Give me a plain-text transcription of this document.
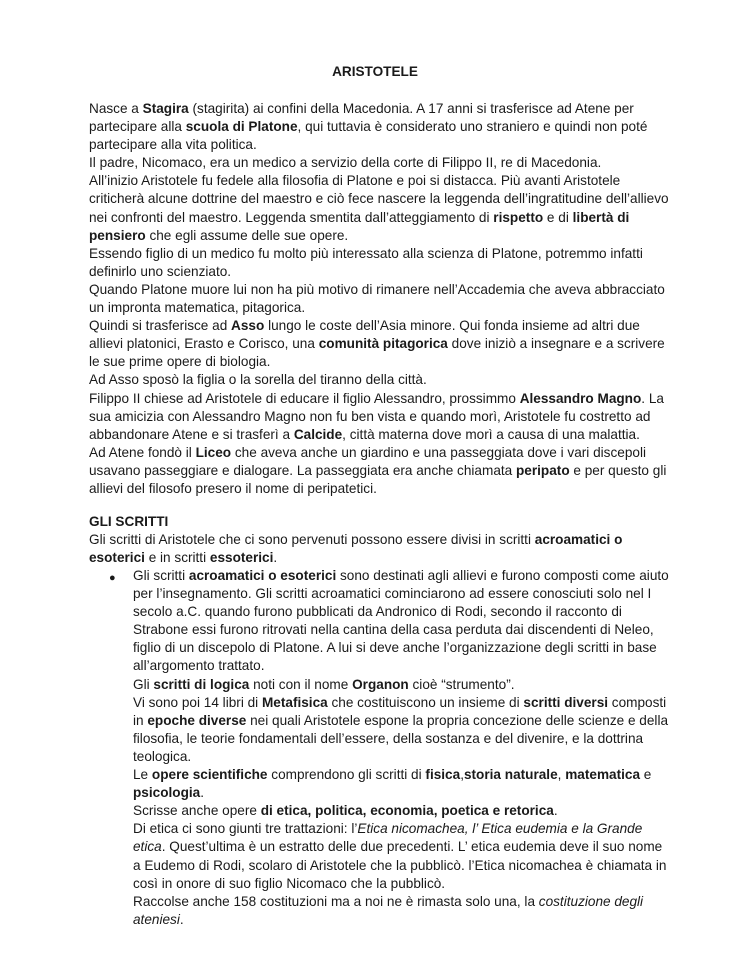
ARISTOTELE

Nasce a Stagira (stagirita) ai confini della Macedonia. A 17 anni si trasferisce ad Atene per partecipare alla scuola di Platone, qui tuttavia è considerato uno straniero e quindi non poté partecipare alla vita politica.

Il padre, Nicomaco, era un medico a servizio della corte di Filippo II, re di Macedonia.

All’inizio Aristotele fu fedele alla filosofia di Platone e poi si distacca. Più avanti Aristotele criticherà alcune dottrine del maestro e ciò fece nascere la leggenda dell’ingratitudine dell’allievo nei confronti del maestro. Leggenda smentita dall’atteggiamento di rispetto e di libertà di pensiero che egli assume delle sue opere.

Essendo figlio di un medico fu molto più interessato alla scienza di Platone, potremmo infatti definirlo uno scienziato.

Quando Platone muore lui non ha più motivo di rimanere nell’Accademia che aveva abbracciato un impronta matematica, pitagorica.

Quindi si trasferisce ad Asso lungo le coste dell’Asia minore. Qui fonda insieme ad altri due allievi platonici, Erasto e Corisco, una comunità pitagorica dove iniziò a insegnare e a scrivere le sue prime opere di biologia.

Ad Asso sposò la figlia o la sorella del tiranno della città.

Filippo II chiese ad Aristotele di educare il figlio Alessandro, prossimmo Alessandro Magno. La sua amicizia con Alessandro Magno non fu ben vista e quando morì, Aristotele fu costretto ad abbandonare Atene e si trasferì a Calcide, città materna dove morì a causa di una malattia.

Ad Atene fondò il Liceo che aveva anche un giardino e una passeggiata dove i vari discepoli usavano passeggiare e dialogare. La passeggiata era anche chiamata peripato e per questo gli allievi del filosofo presero il nome di peripatetici.

GLI SCRITTI
Gli scritti di Aristotele che ci sono pervenuti possono essere divisi in scritti acroamatici o esoterici e in scritti essoterici.
● Gli scritti acroamatici o esoterici sono destinati agli allievi e furono composti come aiuto per l’insegnamento. Gli scritti acroamatici cominciarono ad essere conosciuti solo nel I secolo a.C. quando furono pubblicati da Andronico di Rodi, secondo il racconto di Strabone essi furono ritrovati nella cantina della casa perduta dai discendenti di Neleo, figlio di un discepolo di Platone. A lui si deve anche l’organizzazione degli scritti in base all’argomento trattato.

Gli scritti di logica noti con il nome Organon cioè “strumento”.

Vi sono poi 14 libri di Metafisica che costituiscono un insieme di scritti diversi composti in epoche diverse nei quali Aristotele espone la propria concezione delle scienze e della filosofia, le teorie fondamentali dell’essere, della sostanza e del divenire, e la dottrina teologica.

Le opere scientifiche comprendono gli scritti di fisica,storia naturale, matematica e psicologia.

Scrisse anche opere di etica, politica, economia, poetica e retorica.

Di etica ci sono giunti tre trattazioni: l’Etica nicomachea, l’ Etica eudemia e la Grande etica. Quest’ultima è un estratto delle due precedenti. L’ etica eudemia deve il suo nome a Eudemo di Rodi, scolaro di Aristotele che la pubblicò. l’Etica nicomachea è chiamata in così in onore di suo figlio Nicomaco che la pubblicò.

Raccolse anche 158 costituzioni ma a noi ne è rimasta solo una, la costituzione degli ateniesi.
